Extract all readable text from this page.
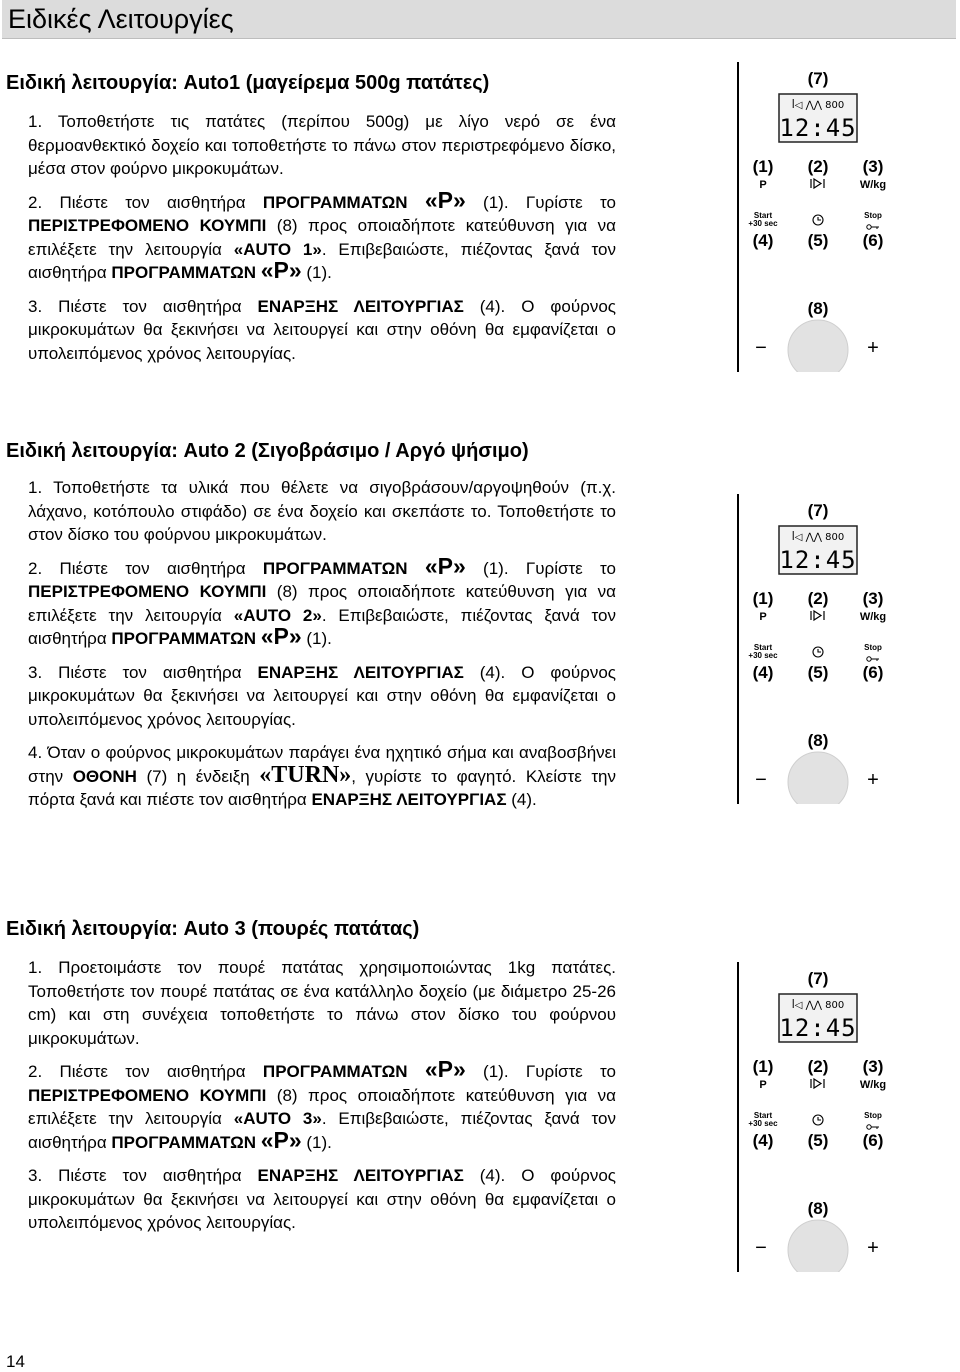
Ειδικές Λειτουργίες
Ειδική λειτουργία: Auto1 (μαγείρεμα 500g πατάτες)

1. Τοποθετήστε τις πατάτες (περίπου 500g) με λίγο νερό σε ένα θερμοανθεκτικό δοχείο και τοποθετήστε το πάνω στον περιστρεφόμενο δίσκο, μέσα στον φούρνο μικροκυμάτων.

2. Πιέστε τον αισθητήρα ΠΡΟΓΡΑΜΜΑΤΩΝ «P» (1). Γυρίστε το ΠΕΡΙΣΤΡΕΦΟΜΕΝΟ ΚΟΥΜΠΙ (8) προς οποιαδήποτε κατεύθυνση για να επιλέξετε την λειτουργία «AUTO 1». Επιβεβαιώστε, πιέζοντας ξανά τον αισθητήρα ΠΡΟΓΡΑΜΜΑΤΩΝ «P» (1).

3. Πιέστε τον αισθητήρα ΕΝΑΡΞΗΣ ΛΕΙΤΟΥΡΓΙΑΣ (4). Ο φούρνος μικροκυμάτων θα ξεκινήσει να λειτουργεί και στην οθόνη θα εμφανίζεται ο υπολειπόμενος χρόνος λειτουργίας.

(7)
ꟾ◁ ⋀⋀ 800
12:45
(1)
P
(2) (3)
W/kg
Start
+30 sec
(4) (5)
Stop
(6)
(8)
−	+
Ειδική λειτουργία: Auto 2 (Σιγοβράσιμο / Αργό ψήσιμο)

1. Τοποθετήστε τα υλικά που θέλετε να σιγοβράσουν/αργοψηθούν (π.χ. λάχανο, κοτόπουλο στιφάδο) σε ένα δοχείο και σκεπάστε το. Τοποθετήστε το στον δίσκο του φούρνου μικροκυμάτων.

2. Πιέστε τον αισθητήρα ΠΡΟΓΡΑΜΜΑΤΩΝ «P» (1). Γυρίστε το ΠΕΡΙΣΤΡΕΦΟΜΕΝΟ ΚΟΥΜΠΙ (8) προς οποιαδήποτε κατεύθυνση για να επιλέξετε την λειτουργία «AUTO 2». Επιβεβαιώστε, πιέζοντας ξανά τον αισθητήρα ΠΡΟΓΡΑΜΜΑΤΩΝ «P» (1).

3. Πιέστε τον αισθητήρα ΕΝΑΡΞΗΣ ΛΕΙΤΟΥΡΓΙΑΣ (4). Ο φούρνος μικροκυμάτων θα ξεκινήσει να λειτουργεί και στην οθόνη θα εμφανίζεται ο υπολειπόμενος χρόνος λειτουργίας.

4. Όταν ο φούρνος μικροκυμάτων παράγει ένα ηχητικό σήμα και αναβοσβήνει στην ΟΘΟΝΗ (7) η ένδειξη «TURN», γυρίστε το φαγητό. Κλείστε την πόρτα ξανά και πιέστε τον αισθητήρα ΕΝΑΡΞΗΣ ΛΕΙΤΟΥΡΓΙΑΣ (4).

(7)
ꟾ◁ ⋀⋀ 800
12:45
(1)
P
(2) (3)
W/kg
Start
+30 sec
(4) (5)
Stop
(6)
(8)
−	+
Ειδική λειτουργία: Auto 3 (πουρές πατάτας)

1. Προετοιμάστε τον πουρέ πατάτας χρησιμοποιώντας 1kg πατάτες. Τοποθετήστε τον πουρέ πατάτας σε ένα κατάλληλο δοχείο (με διάμετρο 25-26 cm) και στη συνέχεια τοποθετήστε το πάνω στον δίσκο του φούρνου μικροκυμάτων.

2. Πιέστε τον αισθητήρα ΠΡΟΓΡΑΜΜΑΤΩΝ «P» (1). Γυρίστε το ΠΕΡΙΣΤΡΕΦΟΜΕΝΟ ΚΟΥΜΠΙ (8) προς οποιαδήποτε κατεύθυνση για να επιλέξετε την λειτουργία «AUTO 3». Επιβεβαιώστε, πιέζοντας ξανά τον αισθητήρα ΠΡΟΓΡΑΜΜΑΤΩΝ «P» (1).

3. Πιέστε τον αισθητήρα ΕΝΑΡΞΗΣ ΛΕΙΤΟΥΡΓΙΑΣ (4). Ο φούρνος μικροκυμάτων θα ξεκινήσει να λειτουργεί και στην οθόνη θα εμφανίζεται ο υπολειπόμενος χρόνος λειτουργίας.

(7)
ꟾ◁ ⋀⋀ 800
12:45
(1)
P
(2) (3)
W/kg
Start
+30 sec
(4) (5)
Stop
(6)
(8)
−	+
14
